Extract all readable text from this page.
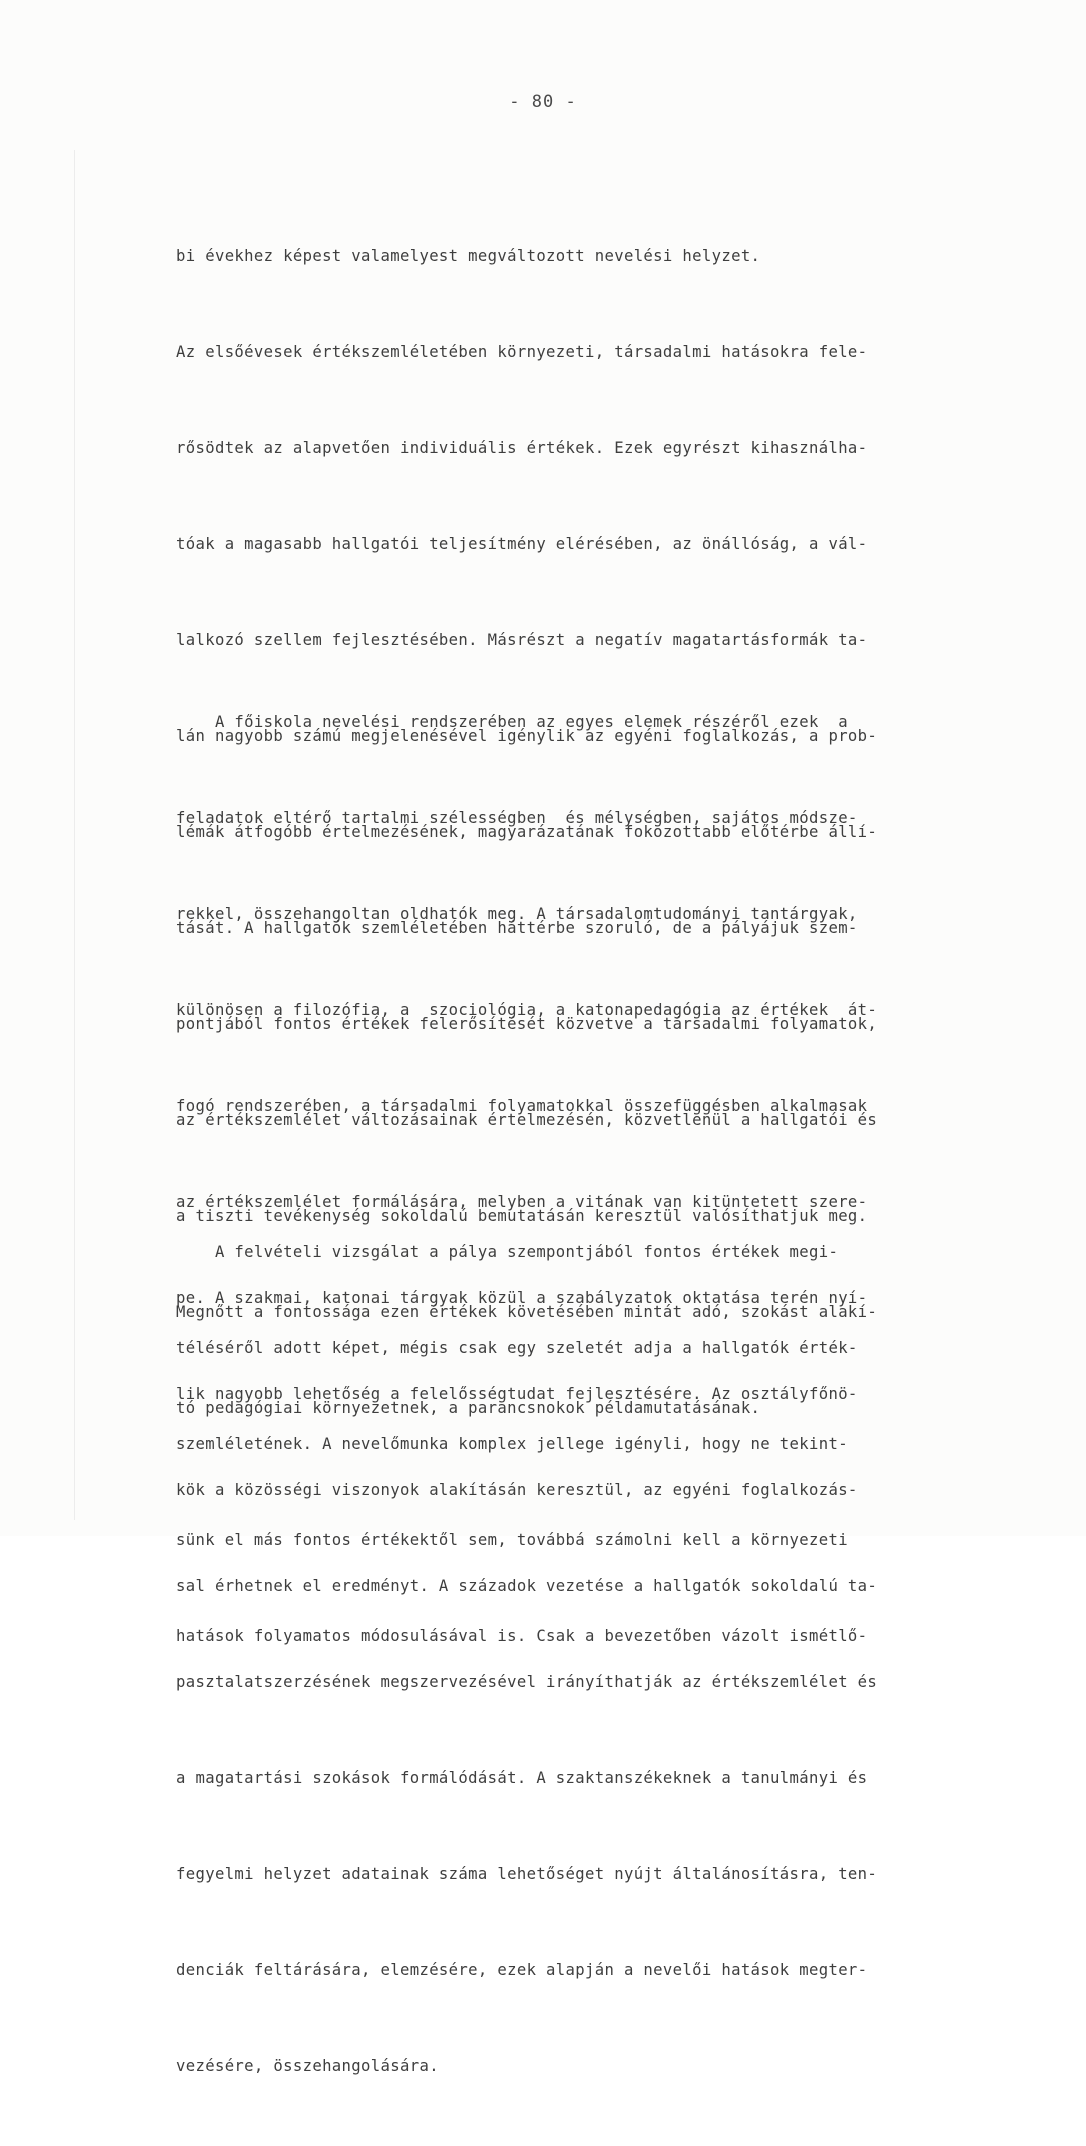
- 80 -

bi évekhez képest valamelyest megváltozott nevelési helyzet.

Az elsőévesek értékszemléletében környezeti, társadalmi hatásokra fele-

rősödtek az alapvetően individuális értékek. Ezek egyrészt kihasználha-

tóak a magasabb hallgatói teljesítmény elérésében, az önállóság, a vál-

lalkozó szellem fejlesztésében. Másrészt a negatív magatartásformák ta-

lán nagyobb számú megjelenésével igénylik az egyéni foglalkozás, a prob-

lémák átfogóbb értelmezésének, magyarázatának fokozottabb előtérbe állí-

tását. A hallgatók szemléletében háttérbe szoruló, de a pályájuk szem-

pontjából fontos értékek felerősítését közvetve a társadalmi folyamatok,

az értékszemlélet változásainak értelmezésén, közvetlenül a hallgatói és

a tiszti tevékenység sokoldalú bemutatásán keresztül valósíthatjuk meg.

Megnőtt a fontossága ezen értékek követésében mintát adó, szokást alakí-

tó pedagógiai környezetnek, a parancsnokok példamutatásának.

A főiskola nevelési rendszerében az egyes elemek részéről ezek  a

feladatok eltérő tartalmi szélességben  és mélységben, sajátos módsze-

rekkel, összehangoltan oldhatók meg. A társadalomtudományi tantárgyak,

különösen a filozófia, a  szociológia, a katonapedagógia az értékek  át-

fogó rendszerében, a társadalmi folyamatokkal összefüggésben alkalmasak

az értékszemlélet formálására, melyben a vitának van kitüntetett szere-

pe. A szakmai, katonai tárgyak közül a szabályzatok oktatása terén nyí-

lik nagyobb lehetőség a felelősségtudat fejlesztésére. Az osztályfőnö-

kök a közösségi viszonyok alakításán keresztül, az egyéni foglalkozás-

sal érhetnek el eredményt. A századok vezetése a hallgatók sokoldalú ta-

pasztalatszerzésének megszervezésével irányíthatják az értékszemlélet és

a magatartási szokások formálódását. A szaktanszékeknek a tanulmányi és

fegyelmi helyzet adatainak száma lehetőséget nyújt általánosításra, ten-

denciák feltárására, elemzésére, ezek alapján a nevelői hatások megter-

vezésére, összehangolására.

A felvételi vizsgálat a pálya szempontjából fontos értékek megi-

téléséről adott képet, mégis csak egy szeletét adja a hallgatók érték-

szemléletének. A nevelőmunka komplex jellege igényli, hogy ne tekint-

sünk el más fontos értékektől sem, továbbá számolni kell a környezeti

hatások folyamatos módosulásával is. Csak a bevezetőben vázolt ismétlő-
